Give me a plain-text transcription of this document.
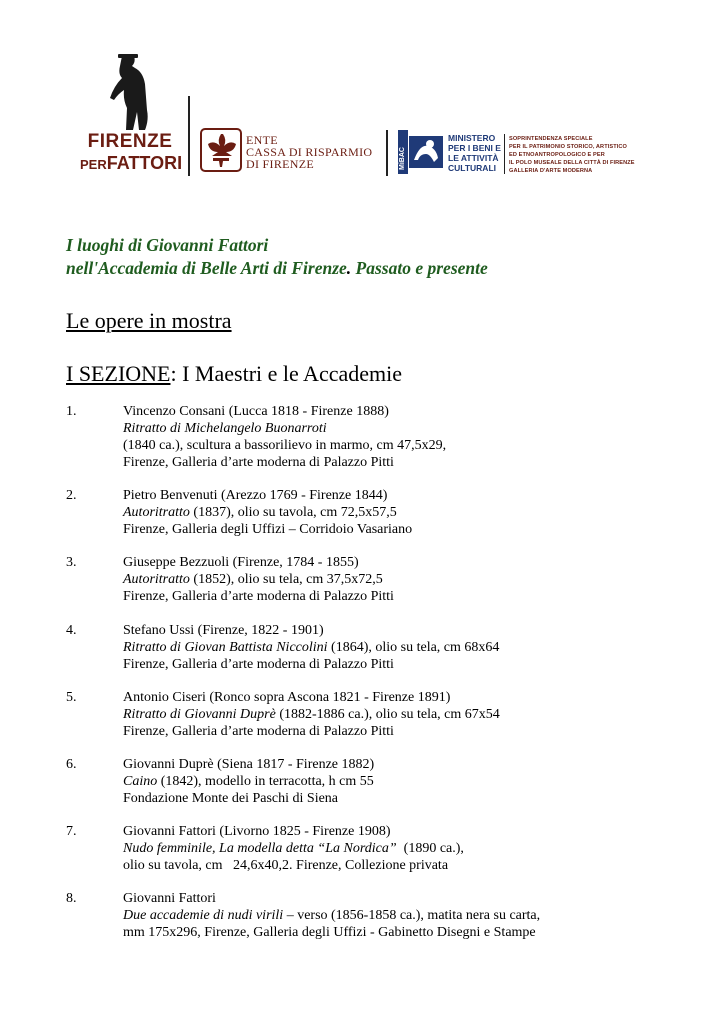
FIRENZE
PERFATTORI
ENTE
CASSA DI RISPARMIO
DI FIRENZE	MiBAC
MINISTERO
PER I BENI E
LE ATTIVITÀ
CULTURALI
SOPRINTENDENZA SPECIALE
PER IL PATRIMONIO STORICO, ARTISTICO
ED ETNOANTROPOLOGICO E PER
IL POLO MUSEALE DELLA CITTÀ DI FIRENZE
GALLERIA D'ARTE MODERNA
I luoghi di Giovanni Fattori
nell'Accademia di Belle Arti di Firenze. Passato e presente
Le opere in mostra
I SEZIONE: I Maestri e le Accademie
1.	Vincenzo Consani (Lucca 1818 - Firenze 1888)
Ritratto di Michelangelo Buonarroti
(1840 ca.), scultura a bassorilievo in marmo, cm 47,5x29,
Firenze, Galleria d’arte moderna di Palazzo Pitti
2.	Pietro Benvenuti (Arezzo 1769 - Firenze 1844)
Autoritratto (1837), olio su tavola, cm 72,5x57,5
Firenze, Galleria degli Uffizi – Corridoio Vasariano
3.	Giuseppe Bezzuoli (Firenze, 1784 - 1855)
Autoritratto (1852), olio su tela, cm 37,5x72,5
Firenze, Galleria d’arte moderna di Palazzo Pitti
4.	Stefano Ussi (Firenze, 1822 - 1901)
Ritratto di Giovan Battista Niccolini (1864), olio su tela, cm 68x64
Firenze, Galleria d’arte moderna di Palazzo Pitti
5.	Antonio Ciseri (Ronco sopra Ascona 1821 - Firenze 1891)
Ritratto di Giovanni Duprè (1882-1886 ca.), olio su tela, cm 67x54
Firenze, Galleria d’arte moderna di Palazzo Pitti
6.	Giovanni Duprè (Siena 1817 - Firenze 1882)
Caino (1842), modello in terracotta, h cm 55
Fondazione Monte dei Paschi di Siena
7.	Giovanni Fattori (Livorno 1825 - Firenze 1908)
Nudo femminile, La modella detta “La Nordica”  (1890 ca.),
olio su tavola, cm   24,6x40,2. Firenze, Collezione privata
8.	Giovanni Fattori
Due accademie di nudi virili – verso (1856-1858 ca.), matita nera su carta,
mm 175x296, Firenze, Galleria degli Uffizi - Gabinetto Disegni e Stampe
